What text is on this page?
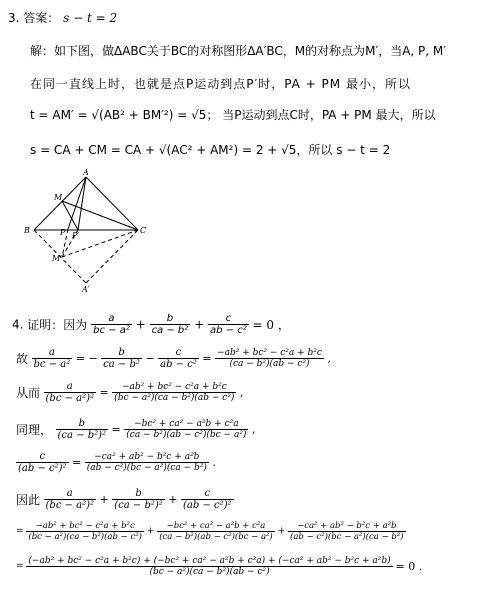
3. 答案： s − t = 2
解：如下图，做ΔABC关于BC的对称图形ΔA′BC，M的对称点为M′，当A, P, M′
在同一直线上时，也就是点P运动到点P′时，PA + PM 最小，所以
t = AM′ = √(AB² + BM′²) = √5； 当P运动到点C时，PA + PM 最大，所以
s = CA + CM = CA + √(AC² + AM²) = 2 + √5，所以 s − t = 2
A
M
B	P P′
C
M′
A′
4. 证明：因为 $\frac{a}{\text{bc − a²}} + \frac{b}{\text{ca − b²}} + \frac{c}{\text{ab − c²}} = 0$ ，
故 $\frac{a}{\text{bc − a²}}$ = − $\frac{b}{\text{ca − b²}} - \frac{c}{\text{ab − c²}} = \frac{\text{−ab² + bc² − c²a + b²c}}{\text{(ca − b²)(ab − c²)}}$ ,
从而 $\frac{a}{\text{(bc − a²)²}} = \frac{\text{−ab² + bc² − c²a + b²c}}{\text{(bc − a²)(ca − b²)(ab − c²)}}$ ,
同理， $\frac{b}{\text{(ca − b²)²}} = \frac{\text{−bc² + ca² − a²b + c²a}}{\text{(ca − b²)(ab − c²)(bc − a²)}}$ ,
$\frac{c}{\text{(ab − c²)²}} = \frac{\text{−ca² + ab² − b²c + a²b}}{\text{(ab − c²)(bc − a²)(ca − b²)}}$ .
因此 $\frac{a}{\text{(bc − a²)²}} + \frac{b}{\text{(ca − b²)²}} + \frac{c}{\text{(ab − c²)²}}$
= $\frac{\text{−ab² + bc² − c²a + b²c}}{\text{(bc − a²)(ca − b²)(ab − c²)}} + \frac{\text{−bc² + ca² − a²b + c²a}}{\text{(ca − b²)(ab − c²)(bc − a²)}} + \frac{\text{−ca² + ab² − b²c + a²b}}{\text{(ab − c²)(bc − a²)(ca − b²)}}$
=
(−ab² + bc² − c²a + b²c) + (−bc² + ca² − a²b + c²a) + (−ca² + ab² − b²c + a²b)
(bc − a²)(ca − b²)(ab − c²)	= 0 .
